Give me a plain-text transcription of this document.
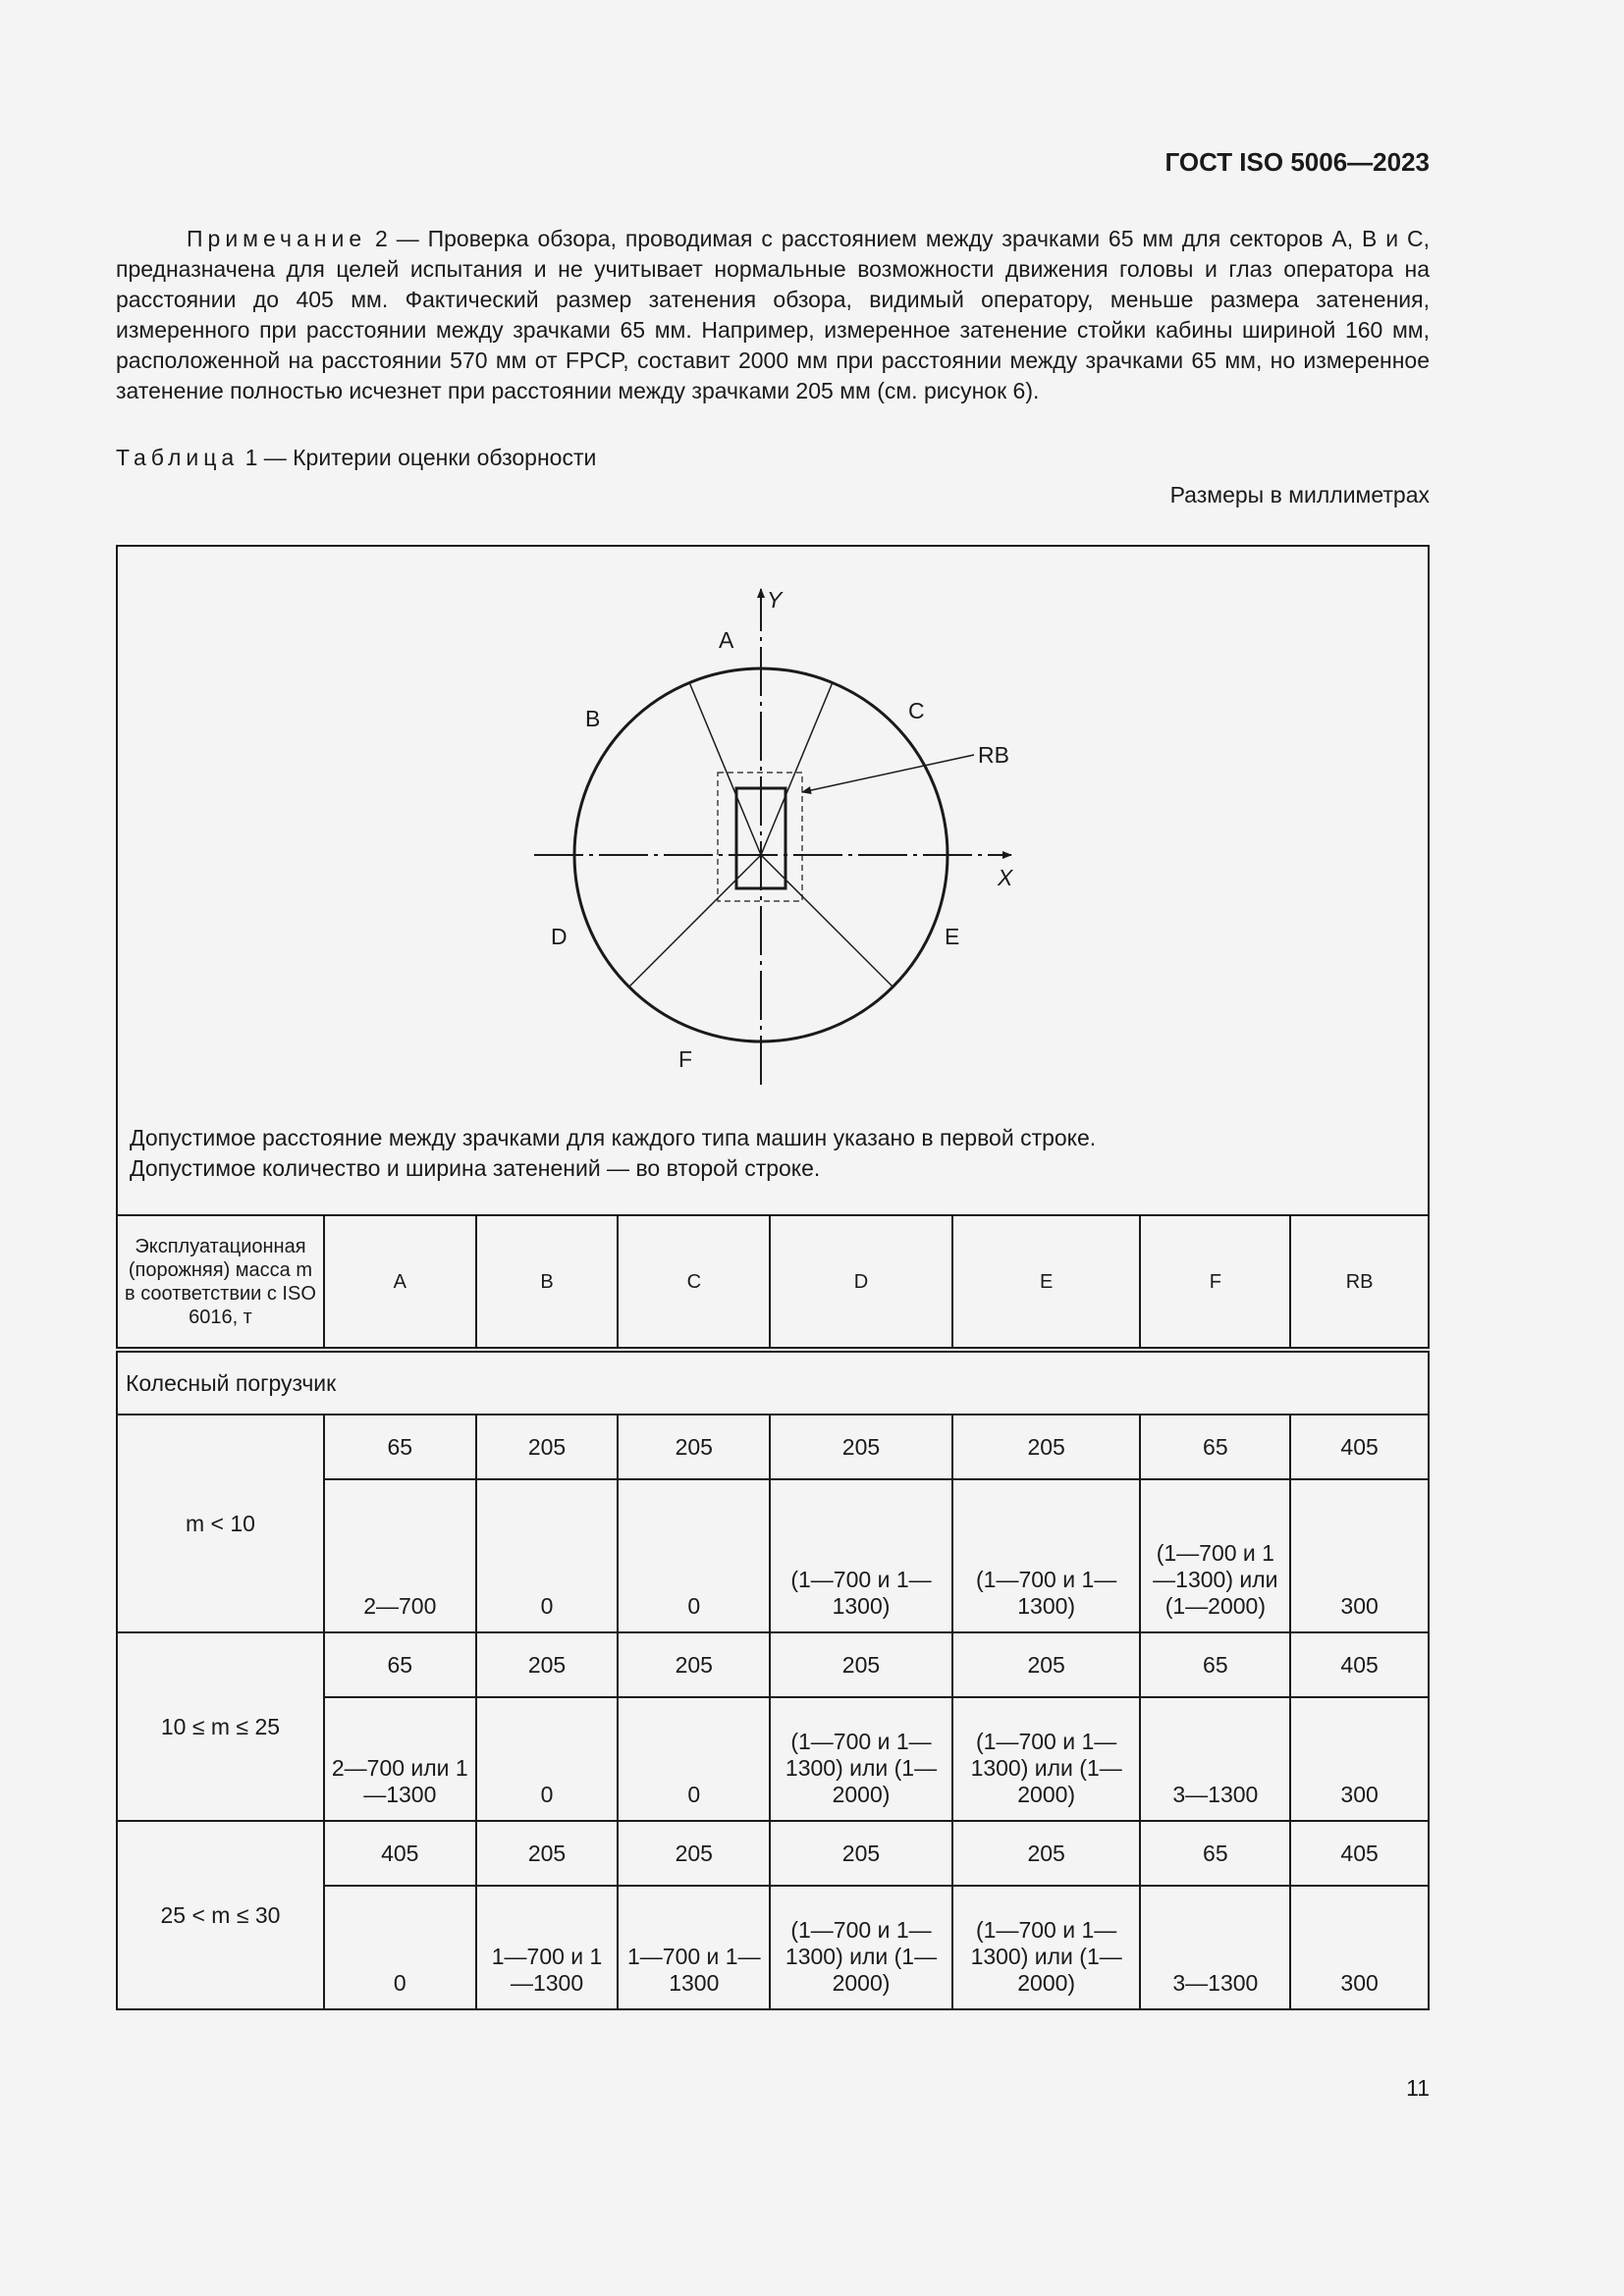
ГОСТ ISO 5006—2023

Примечание 2 — Проверка обзора, проводимая с расстоянием между зрачками 65 мм для секторов А, В и С, предназначена для целей испытания и не учитывает нормальные возможности движения головы и глаз оператора на расстоянии до 405 мм. Фактический размер затенения обзора, видимый оператору, меньше размера затенения, измеренного при расстоянии между зрачками 65 мм. Например, измеренное затенение стойки кабины шириной 160 мм, расположенной на расстоянии 570 мм от FPCP, составит 2000 мм при расстоянии между зрачками 65 мм, но измеренное затенение полностью исчезнет при расстоянии между зрачками 205 мм (см. рисунок 6).

Таблица 1 — Критерии оценки обзорности
Размеры в миллиметрах
Y
X
A
B	C
D	E
F
RB
Допустимое расстояние между зрачками для каждого типа машин указано в первой строке.
Допустимое количество и ширина затенений — во второй строке.
Эксплуатационная (порожняя) масса m в соответствии с ISO 6016, т	A	B	C	D	E	F	RB
Колесный погрузчик							
m < 10	65	205	205	205	205	65	405
	2—700	0	0	(1—700 и 1—1300)	(1—700 и 1—1300)	(1—700 и 1—1300) или (1—2000)	300
10 ≤ m ≤ 25	65	205	205	205	205	65	405
	2—700 или 1—1300	0	0	(1—700 и 1—1300) или (1—2000)	(1—700 и 1—1300) или (1—2000)	3—1300	300
25 < m ≤ 30	405	205	205	205	205	65	405
	0	1—700 и 1—1300	1—700 и 1—1300	(1—700 и 1—1300) или (1—2000)	(1—700 и 1—1300) или (1—2000)	3—1300	300
11
